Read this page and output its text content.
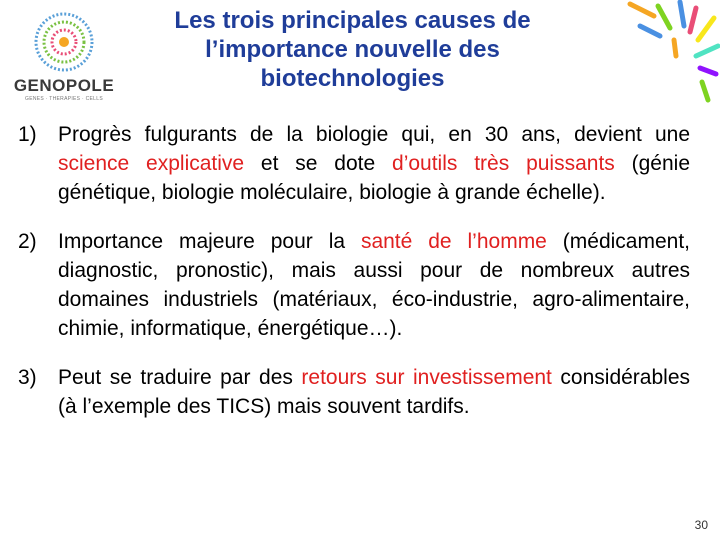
GENOPOLE
GENES · THERAPIES · CELLS
Les trois principales causes de
l’importance nouvelle des
biotechnologies
1) Progrès fulgurants de la biologie qui, en 30 ans, devient une science explicative et se dote d’outils très puissants (génie génétique, biologie moléculaire, biologie à grande échelle).
2) Importance majeure pour la santé de l’homme (médicament, diagnostic, pronostic), mais aussi pour de nombreux autres domaines industriels (matériaux, éco-industrie, agro-alimentaire, chimie, informatique, énergétique…).
3) Peut se traduire par des retours sur investissement considérables (à l’exemple des TICS) mais souvent tardifs.
30
